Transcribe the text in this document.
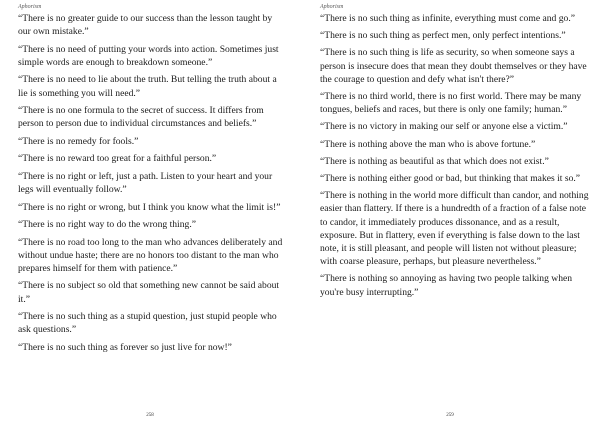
Aphorism

“There is no greater guide to our success than the lesson taught by our own mistake.”

“There is no need of putting your words into action. Sometimes just simple words are enough to breakdown someone.”

“There is no need to lie about the truth. But telling the truth about a lie is something you will need.”

“There is no one formula to the secret of success. It differs from person to person due to individual circumstances and beliefs.”

“There is no remedy for fools.”

“There is no reward too great for a faithful person.”

“There is no right or left, just a path. Listen to your heart and your legs will eventually follow.”

“There is no right or wrong, but I think you know what the limit is!”

“There is no right way to do the wrong thing.”

“There is no road too long to the man who advances deliberately and without undue haste; there are no honors too distant to the man who prepares himself for them with patience.”

“There is no subject so old that something new cannot be said about it.”

“There is no such thing as a stupid question, just stupid people who ask questions.”

“There is no such thing as forever so just live for now!”

258
Aphorism

“There is no such thing as infinite, everything must come and go.”

“There is no such thing as perfect men, only perfect intentions.”

“There is no such thing is life as security, so when someone says a person is insecure does that mean they doubt themselves or they have the courage to question and defy what isn't there?”

“There is no third world, there is no first world. There may be many tongues, beliefs and races, but there is only one family; human.”

“There is no victory in making our self or anyone else a victim.”

“There is nothing above the man who is above fortune.”

“There is nothing as beautiful as that which does not exist.”

“There is nothing either good or bad, but thinking that makes it so.”

“There is nothing in the world more difficult than candor, and nothing easier than flattery. If there is a hundredth of a fraction of a false note to candor, it immediately produces dissonance, and as a result, exposure. But in flattery, even if everything is false down to the last note, it is still pleasant, and people will listen not without pleasure; with coarse pleasure, perhaps, but pleasure nevertheless.”

“There is nothing so annoying as having two people talking when you're busy interrupting.”

259
